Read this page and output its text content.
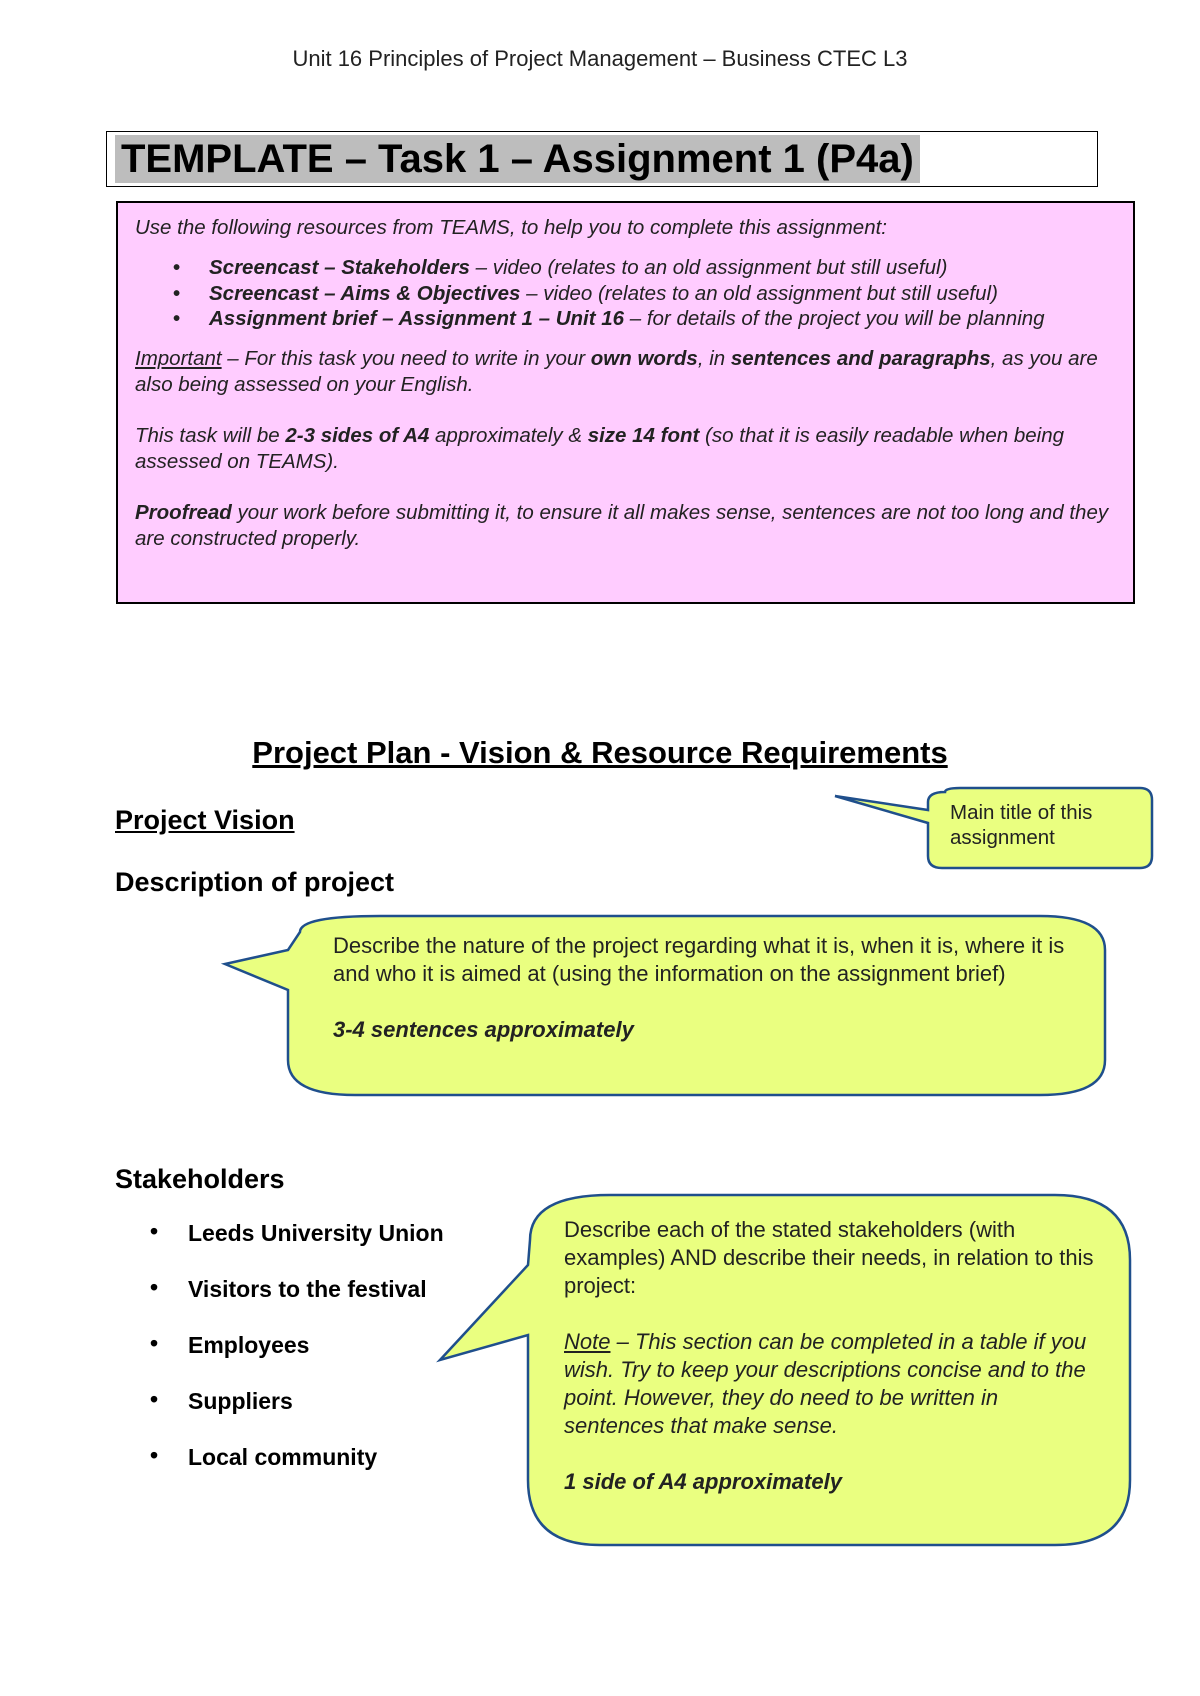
Unit 16 Principles of Project Management – Business CTEC L3
TEMPLATE – Task 1 – Assignment 1 (P4a)

Use the following resources from TEAMS, to help you to complete this assignment:

• Screencast – Stakeholders – video (relates to an old assignment but still useful)
• Screencast – Aims & Objectives – video (relates to an old assignment but still useful)
• Assignment brief – Assignment 1 – Unit 16 – for details of the project you will be planning

Important – For this task you need to write in your own words, in sentences and paragraphs, as you are also being assessed on your English.

This task will be 2-3 sides of A4 approximately & size 14 font (so that it is easily readable when being assessed on TEAMS).

Proofread your work before submitting it, to ensure it all makes sense, sentences are not too long and they are constructed properly.

Project Plan - Vision & Resource Requirements
Project Vision
Description of project
Stakeholders
• Leeds University Union
• Visitors to the festival
• Employees
• Suppliers
• Local community
Main title of this assignment
Describe the nature of the project regarding what it is, when it is, where it is and who it is aimed at (using the information on the assignment brief)
3-4 sentences approximately
Describe each of the stated stakeholders (with examples) AND describe their needs, in relation to this project:
Note – This section can be completed in a table if you wish. Try to keep your descriptions concise and to the point. However, they do need to be written in sentences that make sense.
1 side of A4 approximately
